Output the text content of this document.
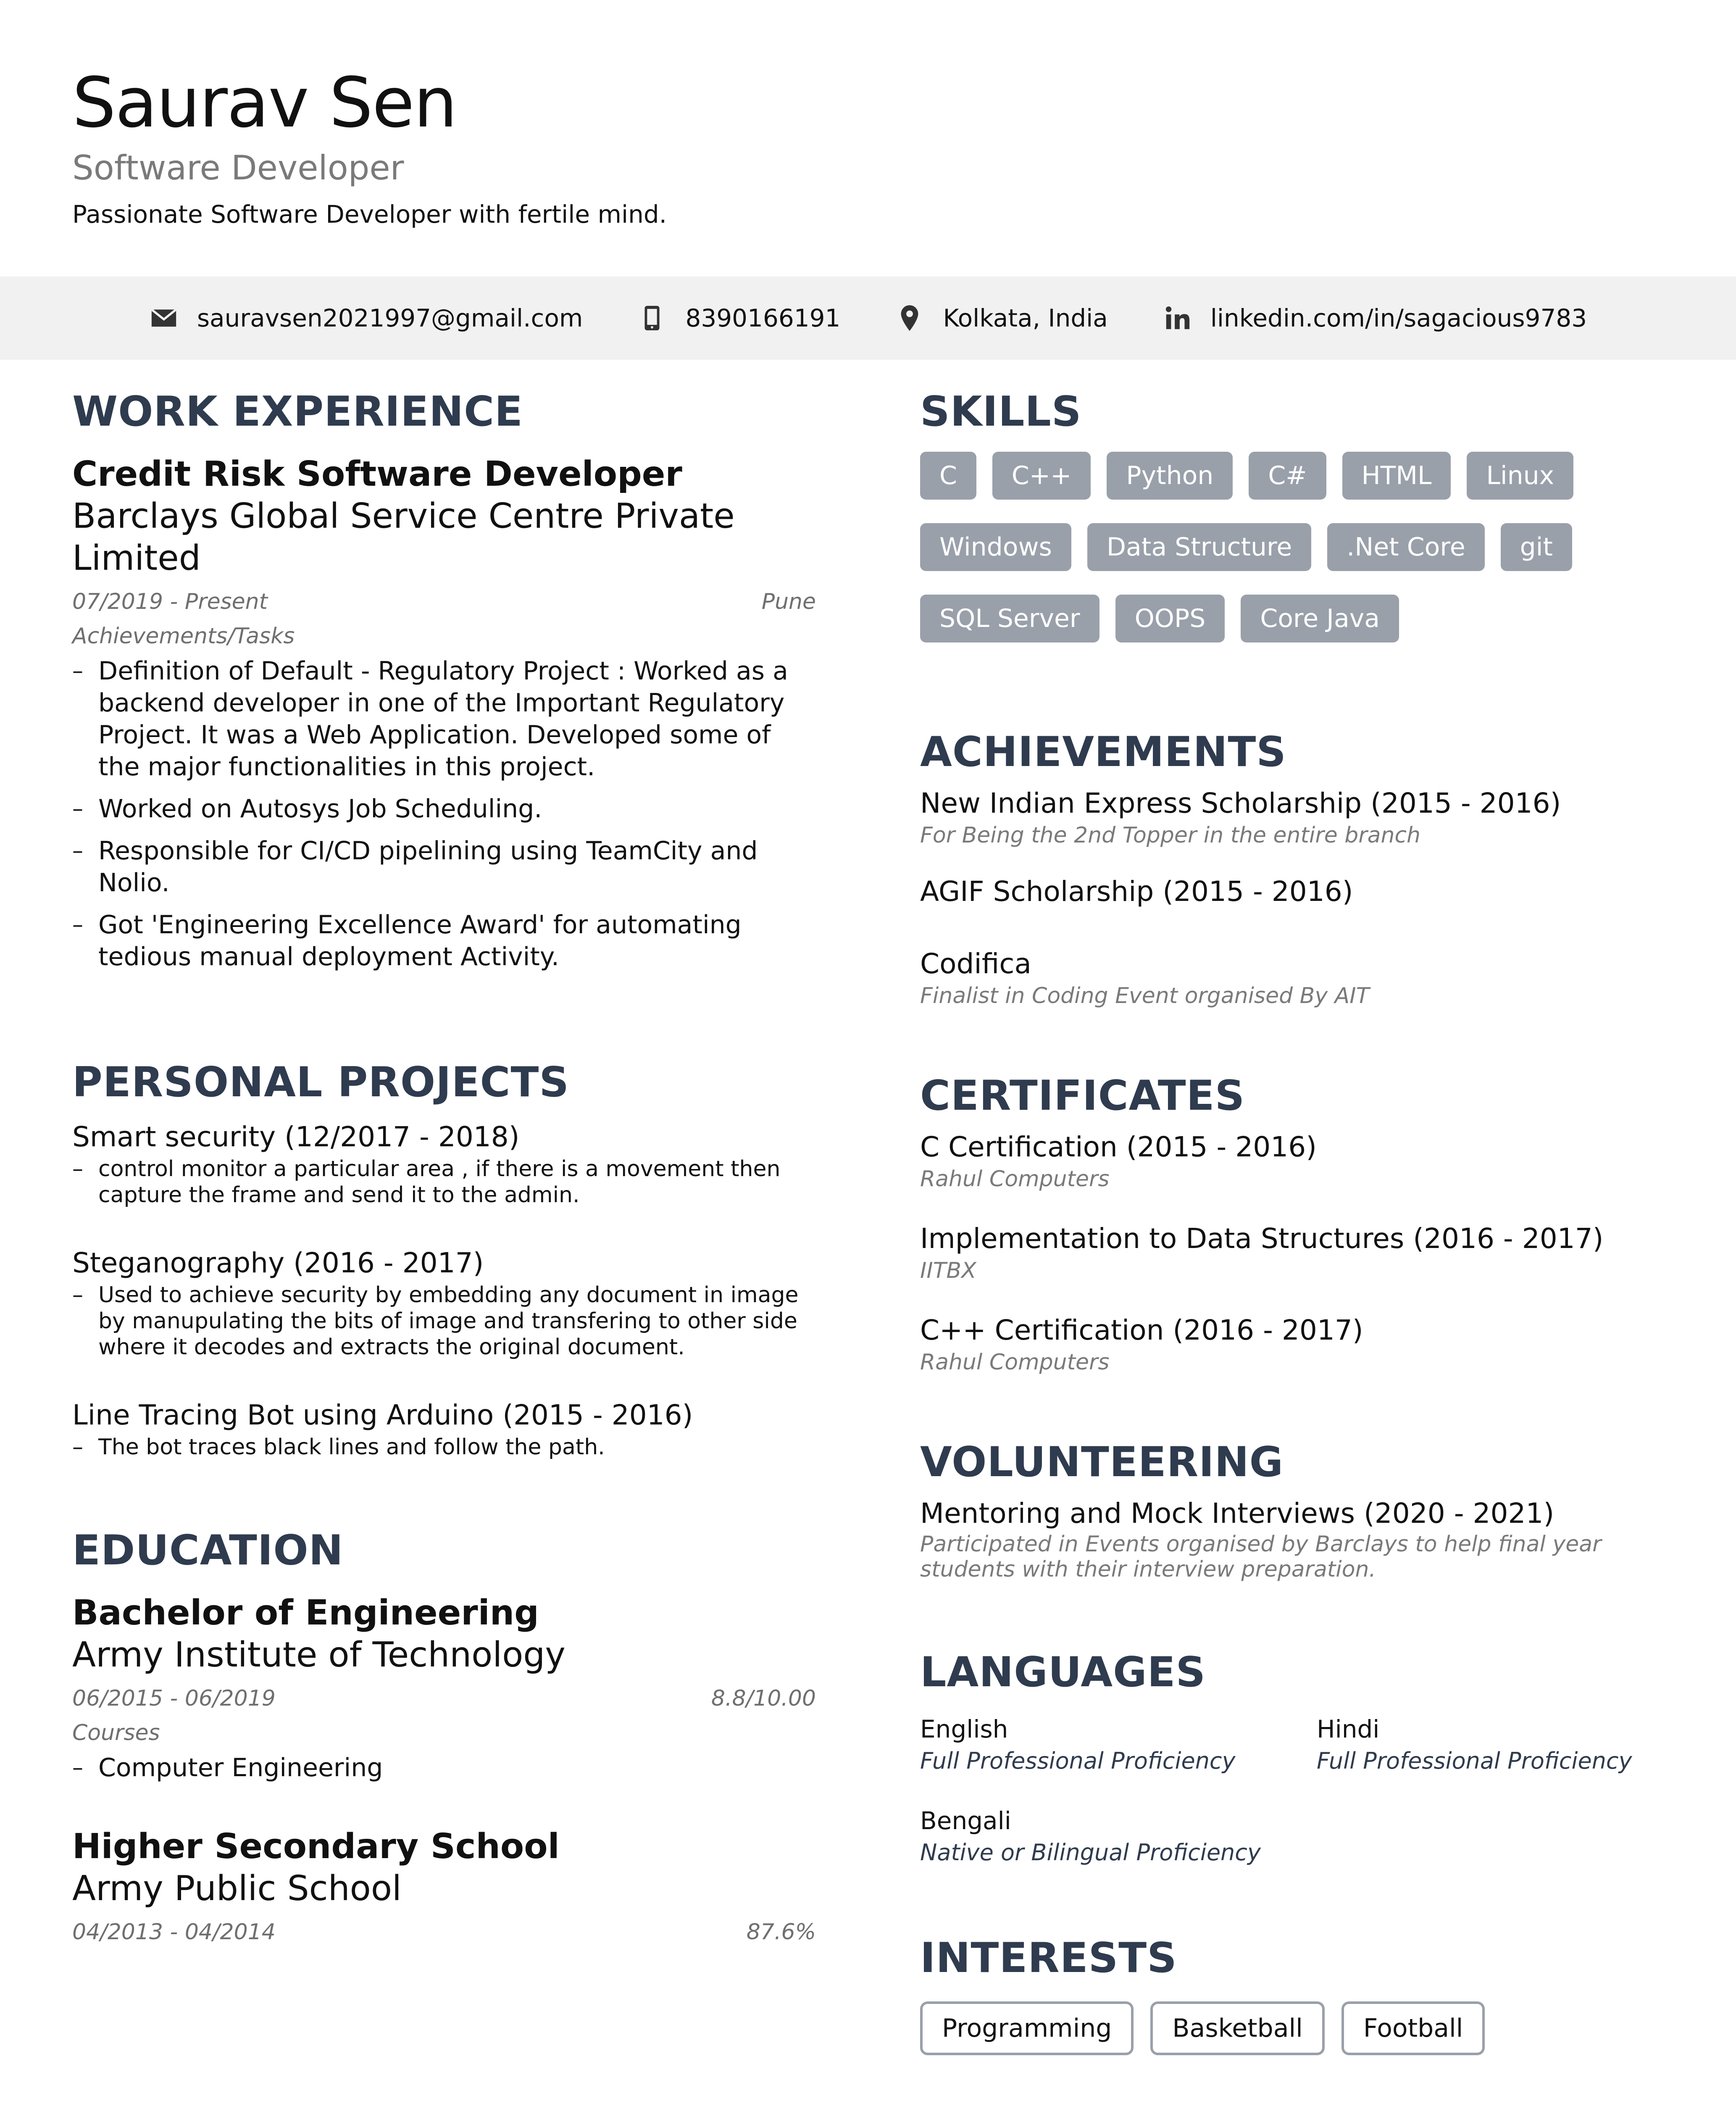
Saurav Sen
Software Developer
Passionate Software Developer with fertile mind.
sauravsen2021997@gmail.com	8390166191	Kolkata, India	linkedin.com/in/sagacious9783
WORK EXPERIENCE
Credit Risk Software Developer
Barclays Global Service Centre Private Limited
07/2019 - Present	Pune
Achievements/Tasks
– Definition of Default - Regulatory Project : Worked as a backend developer in one of the Important Regulatory Project. It was a Web Application. Developed some of the major functionalities in this project.
– Worked on Autosys Job Scheduling.
– Responsible for CI/CD pipelining using TeamCity and Nolio.
– Got 'Engineering Excellence Award' for automating tedious manual deployment Activity.
PERSONAL PROJECTS
Smart security (12/2017 - 2018)
– control monitor a particular area , if there is a movement then capture the frame and send it to the admin.
Steganography (2016 - 2017)
– Used to achieve security by embedding any document in image by manupulating the bits of image and transfering to other side where it decodes and extracts the original document.
Line Tracing Bot using Arduino (2015 - 2016)
– The bot traces black lines and follow the path.
EDUCATION
Bachelor of Engineering
Army Institute of Technology
06/2015 - 06/2019	8.8/10.00
Courses
– Computer Engineering
Higher Secondary School
Army Public School
04/2013 - 04/2014	87.6%
SKILLS
C	C++	Python	C#	HTML	Linux
Windows	Data Structure	.Net Core	git
SQL Server	OOPS	Core Java
ACHIEVEMENTS
New Indian Express Scholarship (2015 - 2016)
For Being the 2nd Topper in the entire branch
AGIF Scholarship (2015 - 2016)
Codifica
Finalist in Coding Event organised By AIT
CERTIFICATES
C Certification (2015 - 2016)
Rahul Computers
Implementation to Data Structures (2016 - 2017)
IITBX
C++ Certification (2016 - 2017)
Rahul Computers
VOLUNTEERING
Mentoring and Mock Interviews (2020 - 2021)
Participated in Events organised by Barclays to help final year students with their interview preparation.
LANGUAGES
English
Full Professional Proficiency
Hindi
Full Professional Proficiency
Bengali
Native or Bilingual Proficiency
INTERESTS
Programming	Basketball	Football
